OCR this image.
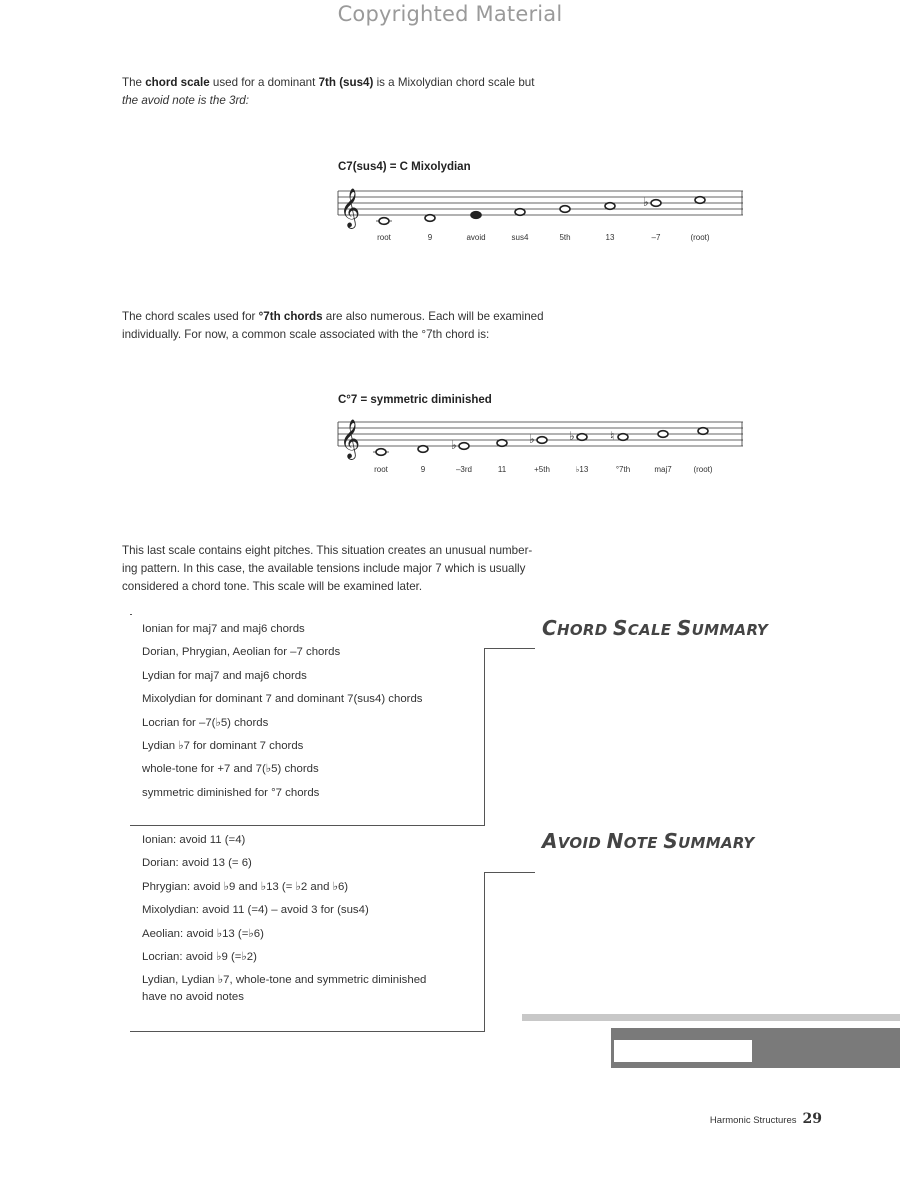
Copyrighted Material
The chord scale used for a dominant 7th (sus4) is a Mixolydian chord scale but
the avoid note is the 3rd:
C7(sus4) = C Mixolydian
𝄞	♭
root	9	avoid	sus4	5th	13	–7	(root)
The chord scales used for °7th chords are also numerous. Each will be examined
individually. For now, a common scale associated with the °7th chord is:
C°7 = symmetric diminished
𝄞	♭	♭	♭	♮
root	9	–3rd	11	+5th	♭13	°7th	maj7	(root)
This last scale contains eight pitches. This situation creates an unusual number-
ing pattern. In this case, the available tensions include major 7 which is usually
considered a chord tone. This scale will be examined later.
CHORD SCALE SUMMARY
Ionian for maj7 and maj6 chords
Dorian, Phrygian, Aeolian for –7 chords
Lydian for maj7 and maj6 chords
Mixolydian for dominant 7 and dominant 7(sus4) chords
Locrian for –7(♭5) chords
Lydian ♭7 for dominant 7 chords
whole-tone for +7 and 7(♭5) chords
symmetric diminished for °7 chords
AVOID NOTE SUMMARY
Ionian: avoid 11 (=4)
Dorian: avoid 13 (= 6)
Phrygian: avoid ♭9 and ♭13 (= ♭2 and ♭6)
Mixolydian: avoid 11 (=4) – avoid 3 for (sus4)
Aeolian: avoid ♭13 (=♭6)
Locrian: avoid ♭9 (=♭2)
Lydian, Lydian ♭7, whole-tone and symmetric diminished
have no avoid notes
Harmonic Structures 29
